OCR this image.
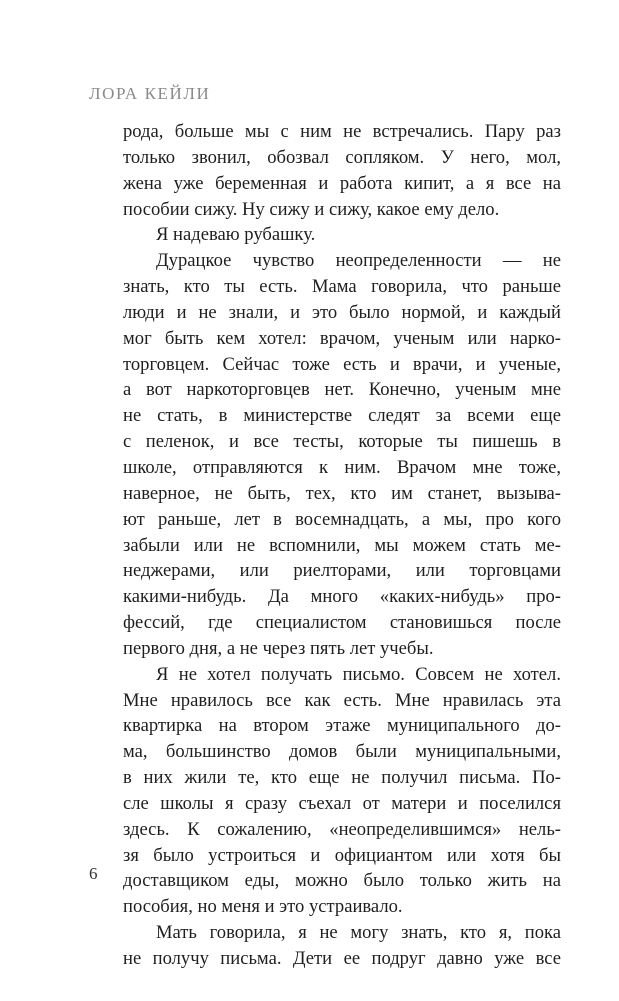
ЛОРА КЕЙЛИ
рода, больше мы с ним не встречались. Пару раз
только звонил, обозвал сопляком. У него, мол,
жена уже беременная и работа кипит, а я все на
пособии сижу. Ну сижу и сижу, какое ему дело.
Я надеваю рубашку.
Дурацкое чувство неопределенности — не
знать, кто ты есть. Мама говорила, что раньше
люди и не знали, и это было нормой, и каждый
мог быть кем хотел: врачом, ученым или нарко-
торговцем. Сейчас тоже есть и врачи, и ученые,
а вот наркоторговцев нет. Конечно, ученым мне
не стать, в министерстве следят за всеми еще
с пеленок, и все тесты, которые ты пишешь в
школе, отправляются к ним. Врачом мне тоже,
наверное, не быть, тех, кто им станет, вызыва-
ют раньше, лет в восемнадцать, а мы, про кого
забыли или не вспомнили, мы можем стать ме-
неджерами, или риелторами, или торговцами
какими-нибудь. Да много «каких-нибудь» про-
фессий, где специалистом становишься после
первого дня, а не через пять лет учебы.
Я не хотел получать письмо. Совсем не хотел.
Мне нравилось все как есть. Мне нравилась эта
квартирка на втором этаже муниципального до-
ма, большинство домов были муниципальными,
в них жили те, кто еще не получил письма. По-
сле школы я сразу съехал от матери и поселился
здесь. К сожалению, «неопределившимся» нель-
зя было устроиться и официантом или хотя бы
доставщиком еды, можно было только жить на
пособия, но меня и это устраивало.
Мать говорила, я не могу знать, кто я, пока
не получу письма. Дети ее подруг давно уже все
6
